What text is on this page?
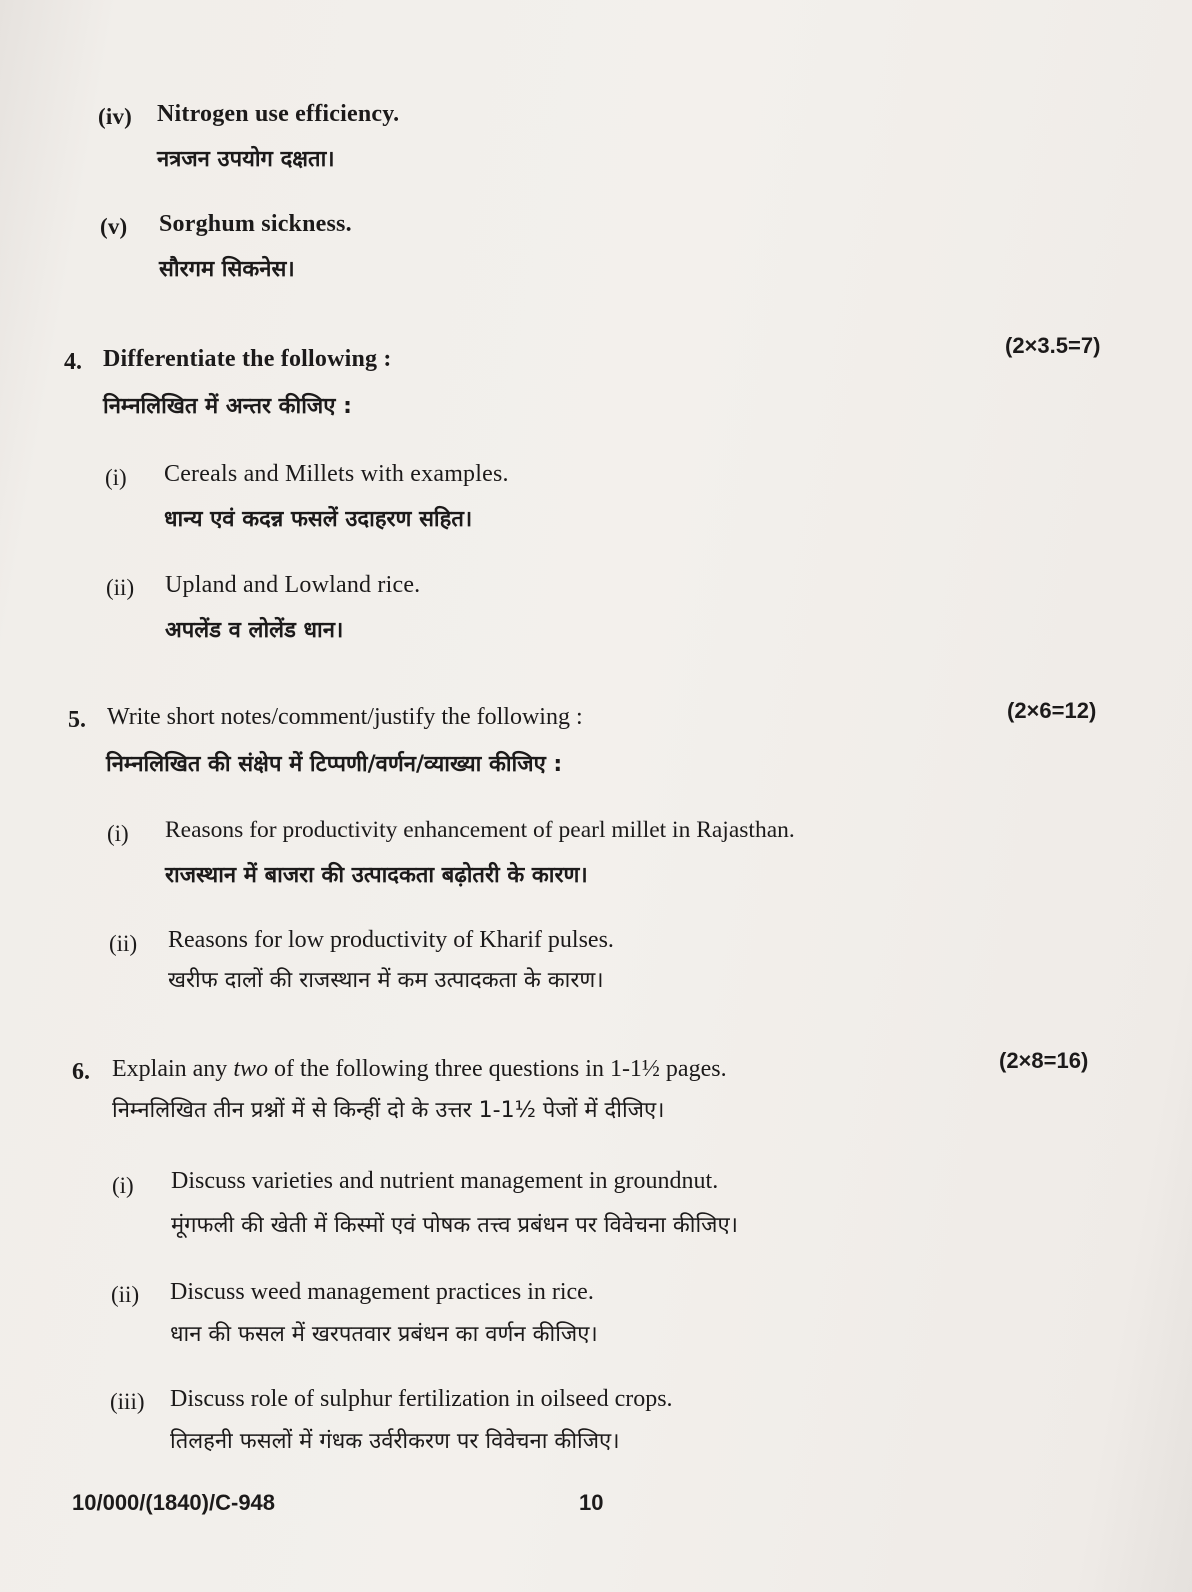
(iv) Nitrogen use efficiency.
नत्रजन उपयोग दक्षता।
(v) Sorghum sickness.
सौरगम सिकनेस।
4. Differentiate the following :
(2×3.5=7)
निम्नलिखित में अन्तर कीजिए :
(i) Cereals and Millets with examples.
धान्य एवं कदन्न फसलें उदाहरण सहित।
(ii) Upland and Lowland rice.
अपलेंड व लोलेंड धान।
5. Write short notes/comment/justify the following :	(2×6=12)
निम्नलिखित की संक्षेप में टिप्पणी/वर्णन/व्याख्या कीजिए :
(i) Reasons for productivity enhancement of pearl millet in Rajasthan.
राजस्थान में बाजरा की उत्पादकता बढ़ोतरी के कारण।
(ii) Reasons for low productivity of Kharif pulses.
खरीफ दालों की राजस्थान में कम उत्पादकता के कारण।
6. Explain any two of the following three questions in 1-1½ pages.	(2×8=16)
निम्नलिखित तीन प्रश्नों में से किन्हीं दो के उत्तर 1-1½ पेजों में दीजिए।
(i) Discuss varieties and nutrient management in groundnut.
मूंगफली की खेती में किस्मों एवं पोषक तत्त्व प्रबंधन पर विवेचना कीजिए।
(ii) Discuss weed management practices in rice.
धान की फसल में खरपतवार प्रबंधन का वर्णन कीजिए।
(iii) Discuss role of sulphur fertilization in oilseed crops.
तिलहनी फसलों में गंधक उर्वरीकरण पर विवेचना कीजिए।
10/000/(1840)/C-948	10
